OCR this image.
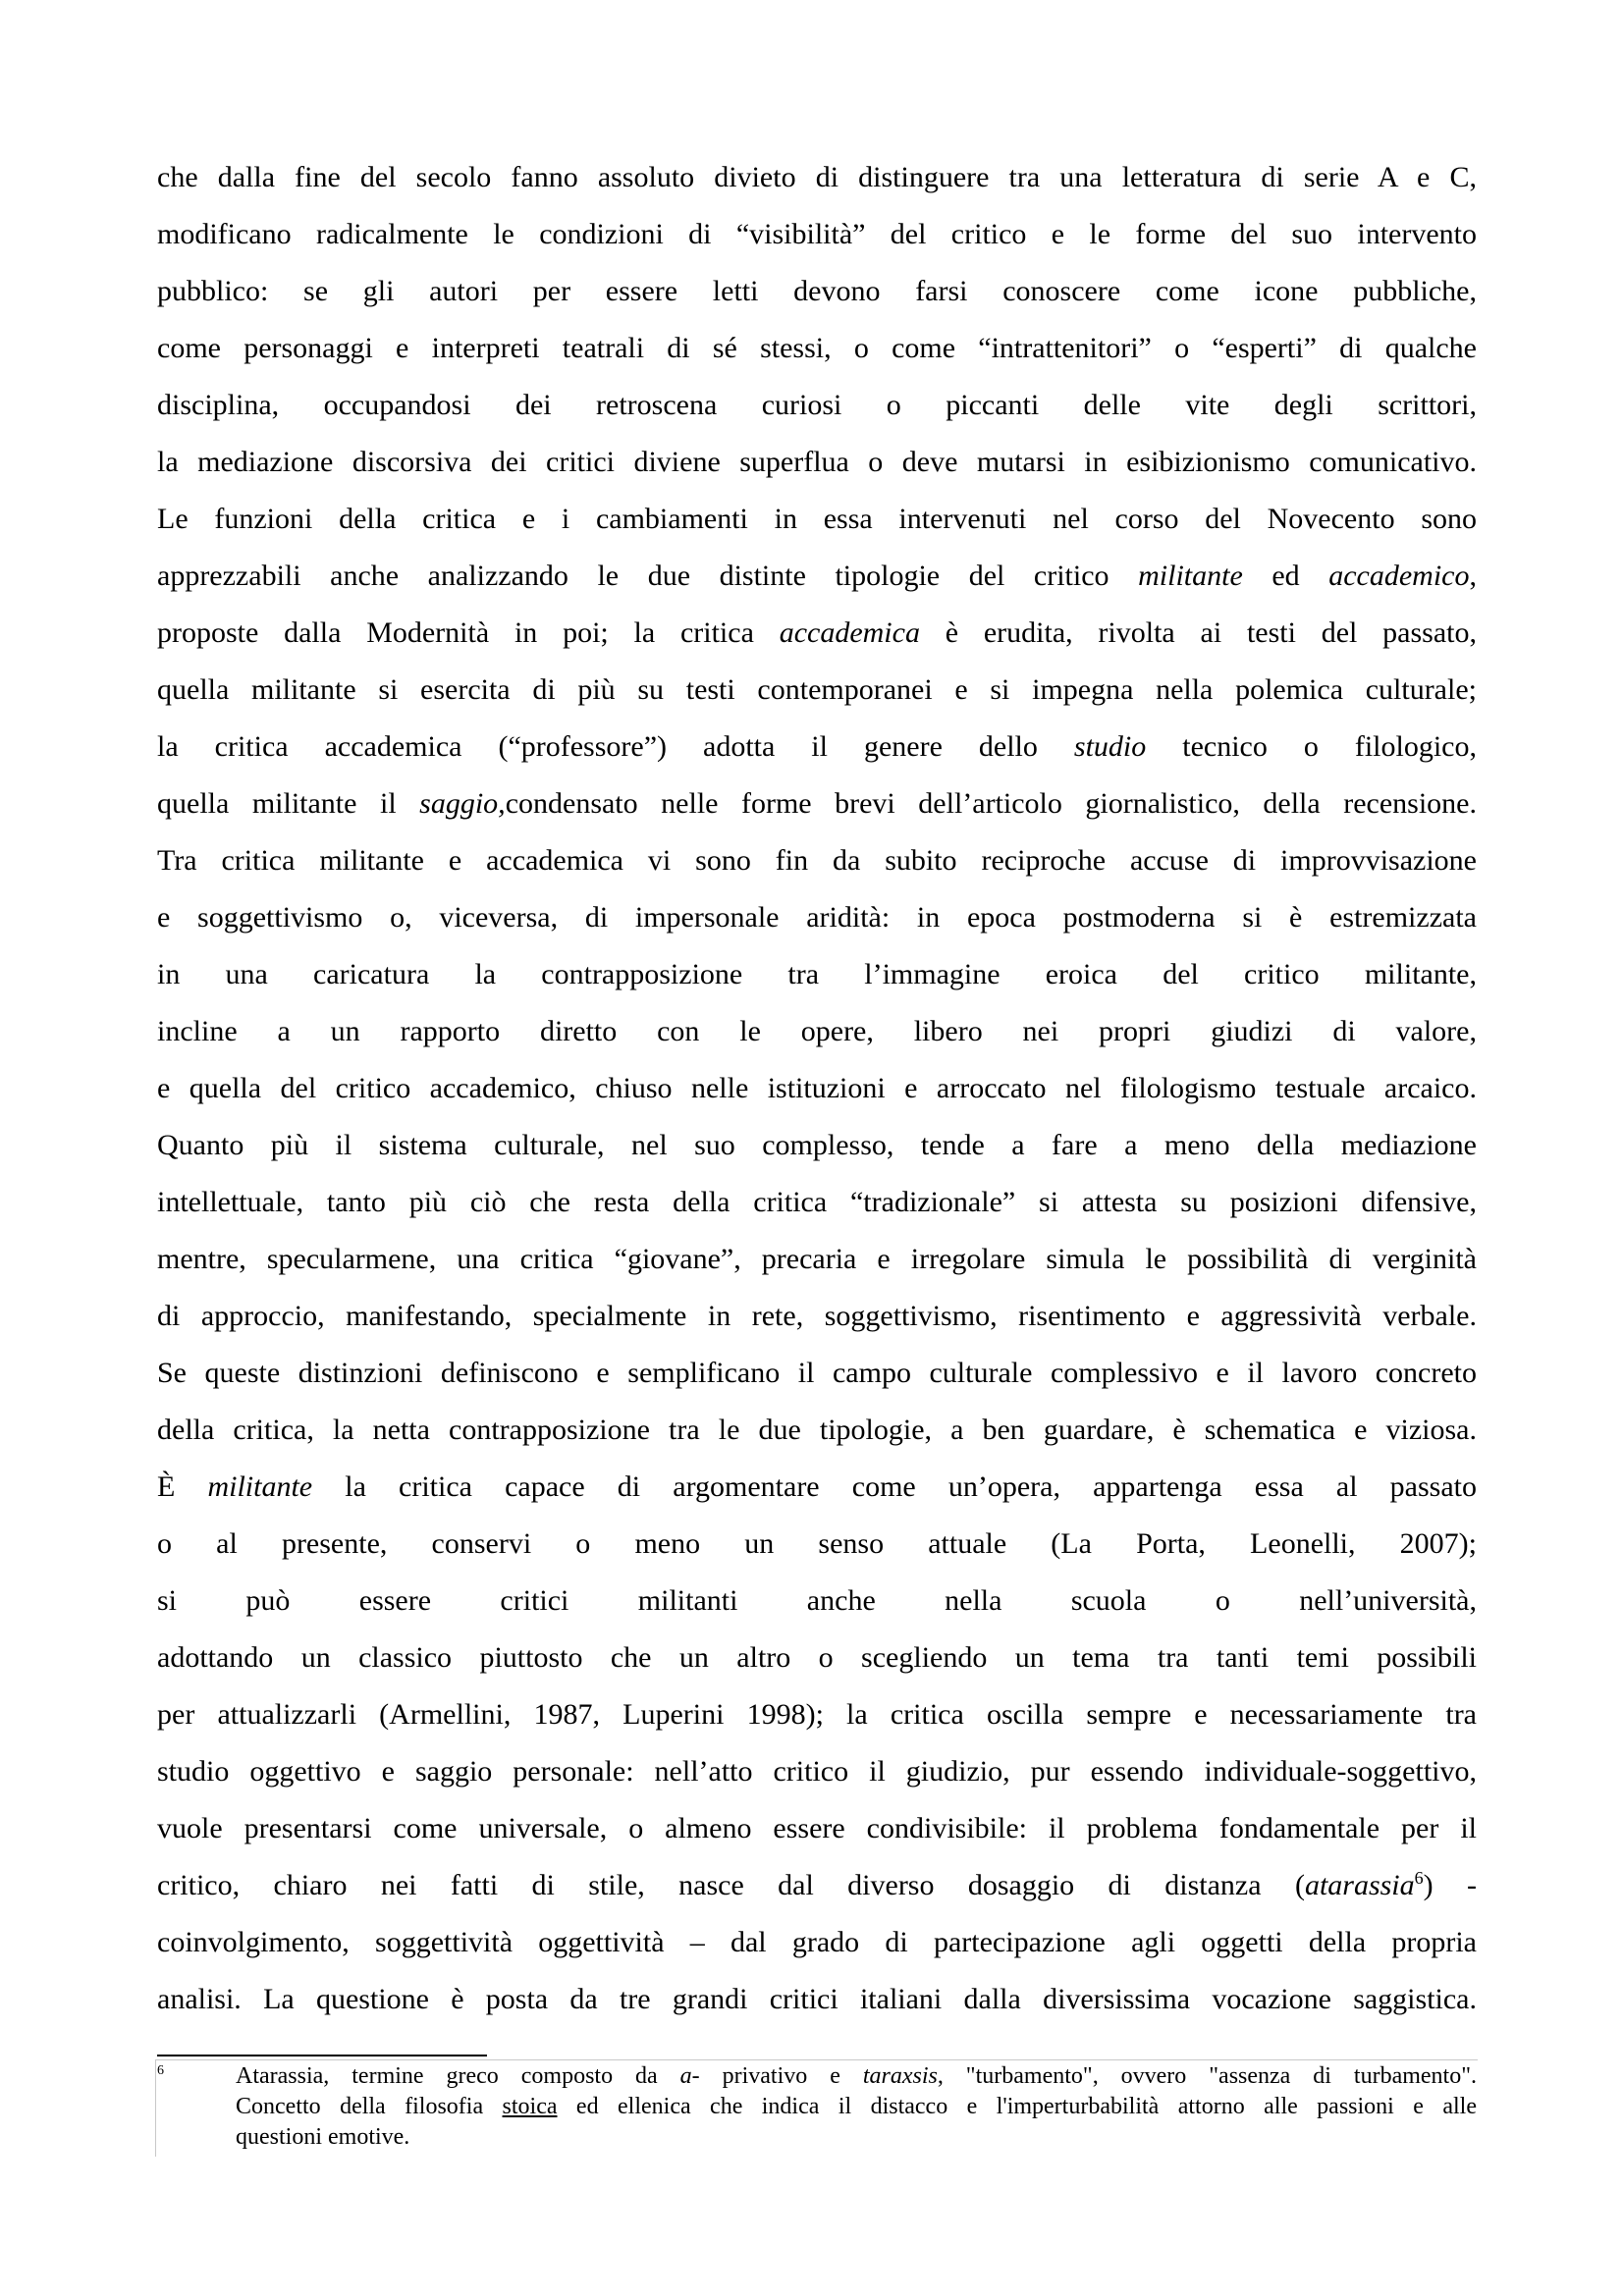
che dalla fine del secolo fanno assoluto divieto di distinguere tra una letteratura di serie A e C,
modificano radicalmente le condizioni di “visibilità” del critico e le forme del suo intervento
pubblico: se gli autori per essere letti devono farsi conoscere come icone pubbliche,
come personaggi e interpreti teatrali di sé stessi, o come “intrattenitori” o “esperti” di qualche
disciplina, occupandosi dei retroscena curiosi o piccanti delle vite degli scrittori,
la mediazione discorsiva dei critici diviene superflua o deve mutarsi in esibizionismo comunicativo.
Le funzioni della critica e i cambiamenti in essa intervenuti nel corso del Novecento sono
apprezzabili anche analizzando le due distinte tipologie del critico militante ed accademico,
proposte dalla Modernità in poi; la critica accademica è erudita, rivolta ai testi del passato,
quella militante si esercita di più su testi contemporanei e si impegna nella polemica culturale;
la critica accademica (“professore”) adotta il genere dello studio tecnico o filologico,
quella militante il saggio,condensato nelle forme brevi dell’articolo giornalistico, della recensione.
Tra critica militante e accademica vi sono fin da subito reciproche accuse di improvvisazione
e soggettivismo o, viceversa, di impersonale aridità: in epoca postmoderna si è estremizzata
in una caricatura la contrapposizione tra l’immagine eroica del critico militante,
incline a un rapporto diretto con le opere, libero nei propri giudizi di valore,
e quella del critico accademico, chiuso nelle istituzioni e arroccato nel filologismo testuale arcaico.
Quanto più il sistema culturale, nel suo complesso, tende a fare a meno della mediazione
intellettuale, tanto più ciò che resta della critica “tradizionale” si attesta su posizioni difensive,
mentre, specularmene, una critica “giovane”, precaria e irregolare simula le possibilità di verginità
di approccio, manifestando, specialmente in rete, soggettivismo, risentimento e aggressività verbale.
Se queste distinzioni definiscono e semplificano il campo culturale complessivo e il lavoro concreto
della critica, la netta contrapposizione tra le due tipologie, a ben guardare, è schematica e viziosa.
È militante la critica capace di argomentare come un’opera, appartenga essa al passato
o al presente, conservi o meno un senso attuale (La Porta, Leonelli, 2007);
si può essere critici militanti anche nella scuola o nell’università,
adottando un classico piuttosto che un altro o scegliendo un tema tra tanti temi possibili
per attualizzarli (Armellini, 1987, Luperini 1998); la critica oscilla sempre e necessariamente tra
studio oggettivo e saggio personale: nell’atto critico il giudizio, pur essendo individuale-soggettivo,
vuole presentarsi come universale, o almeno essere condivisibile: il problema fondamentale per il
critico, chiaro nei fatti di stile, nasce dal diverso dosaggio di distanza (atarassia$^6$) -
coinvolgimento, soggettività oggettività – dal grado di partecipazione agli oggetti della propria
analisi. La questione è posta da tre grandi critici italiani dalla diversissima vocazione saggistica.
6	Atarassia, termine greco composto da a- privativo e taraxsis, "turbamento", ovvero "assenza di turbamento".
Concetto della filosofia stoica ed ellenica che indica il distacco e l'imperturbabilità attorno alle passioni e alle
questioni emotive.
